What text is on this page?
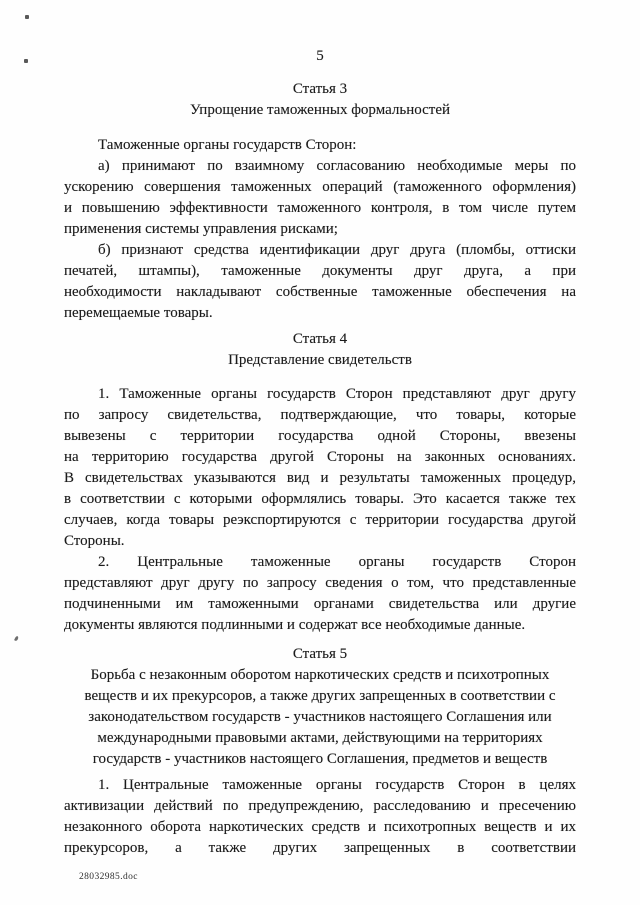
5
Статья 3
Упрощение таможенных формальностей
Таможенные органы государств Сторон:
а) принимают по взаимному согласованию необходимые меры по
ускорению совершения таможенных операций (таможенного оформления)
и повышению эффективности таможенного контроля, в том числе путем
применения системы управления рисками;
б) признают средства идентификации друг друга (пломбы, оттиски
печатей, штампы), таможенные документы друг друга, а при
необходимости накладывают собственные таможенные обеспечения на
перемещаемые товары.
Статья 4
Представление свидетельств
1. Таможенные органы государств Сторон представляют друг другу
по запросу свидетельства, подтверждающие, что товары, которые
вывезены с территории государства одной Стороны, ввезены
на территорию государства другой Стороны на законных основаниях.
В свидетельствах указываются вид и результаты таможенных процедур,
в соответствии с которыми оформлялись товары. Это касается также тех
случаев, когда товары реэкспортируются с территории государства другой
Стороны.
2. Центральные таможенные органы государств Сторон
представляют друг другу по запросу сведения о том, что представленные
подчиненными им таможенными органами свидетельства или другие
документы являются подлинными и содержат все необходимые данные.
Статья 5
Борьба с незаконным оборотом наркотических средств и психотропных
веществ и их прекурсоров, а также других запрещенных в соответствии с
законодательством государств - участников настоящего Соглашения или
международными правовыми актами, действующими на территориях
государств - участников настоящего Соглашения, предметов и веществ
1. Центральные таможенные органы государств Сторон в целях
активизации действий по предупреждению, расследованию и пресечению
незаконного оборота наркотических средств и психотропных веществ и их
прекурсоров, а также других запрещенных в соответствии
28032985.doc
